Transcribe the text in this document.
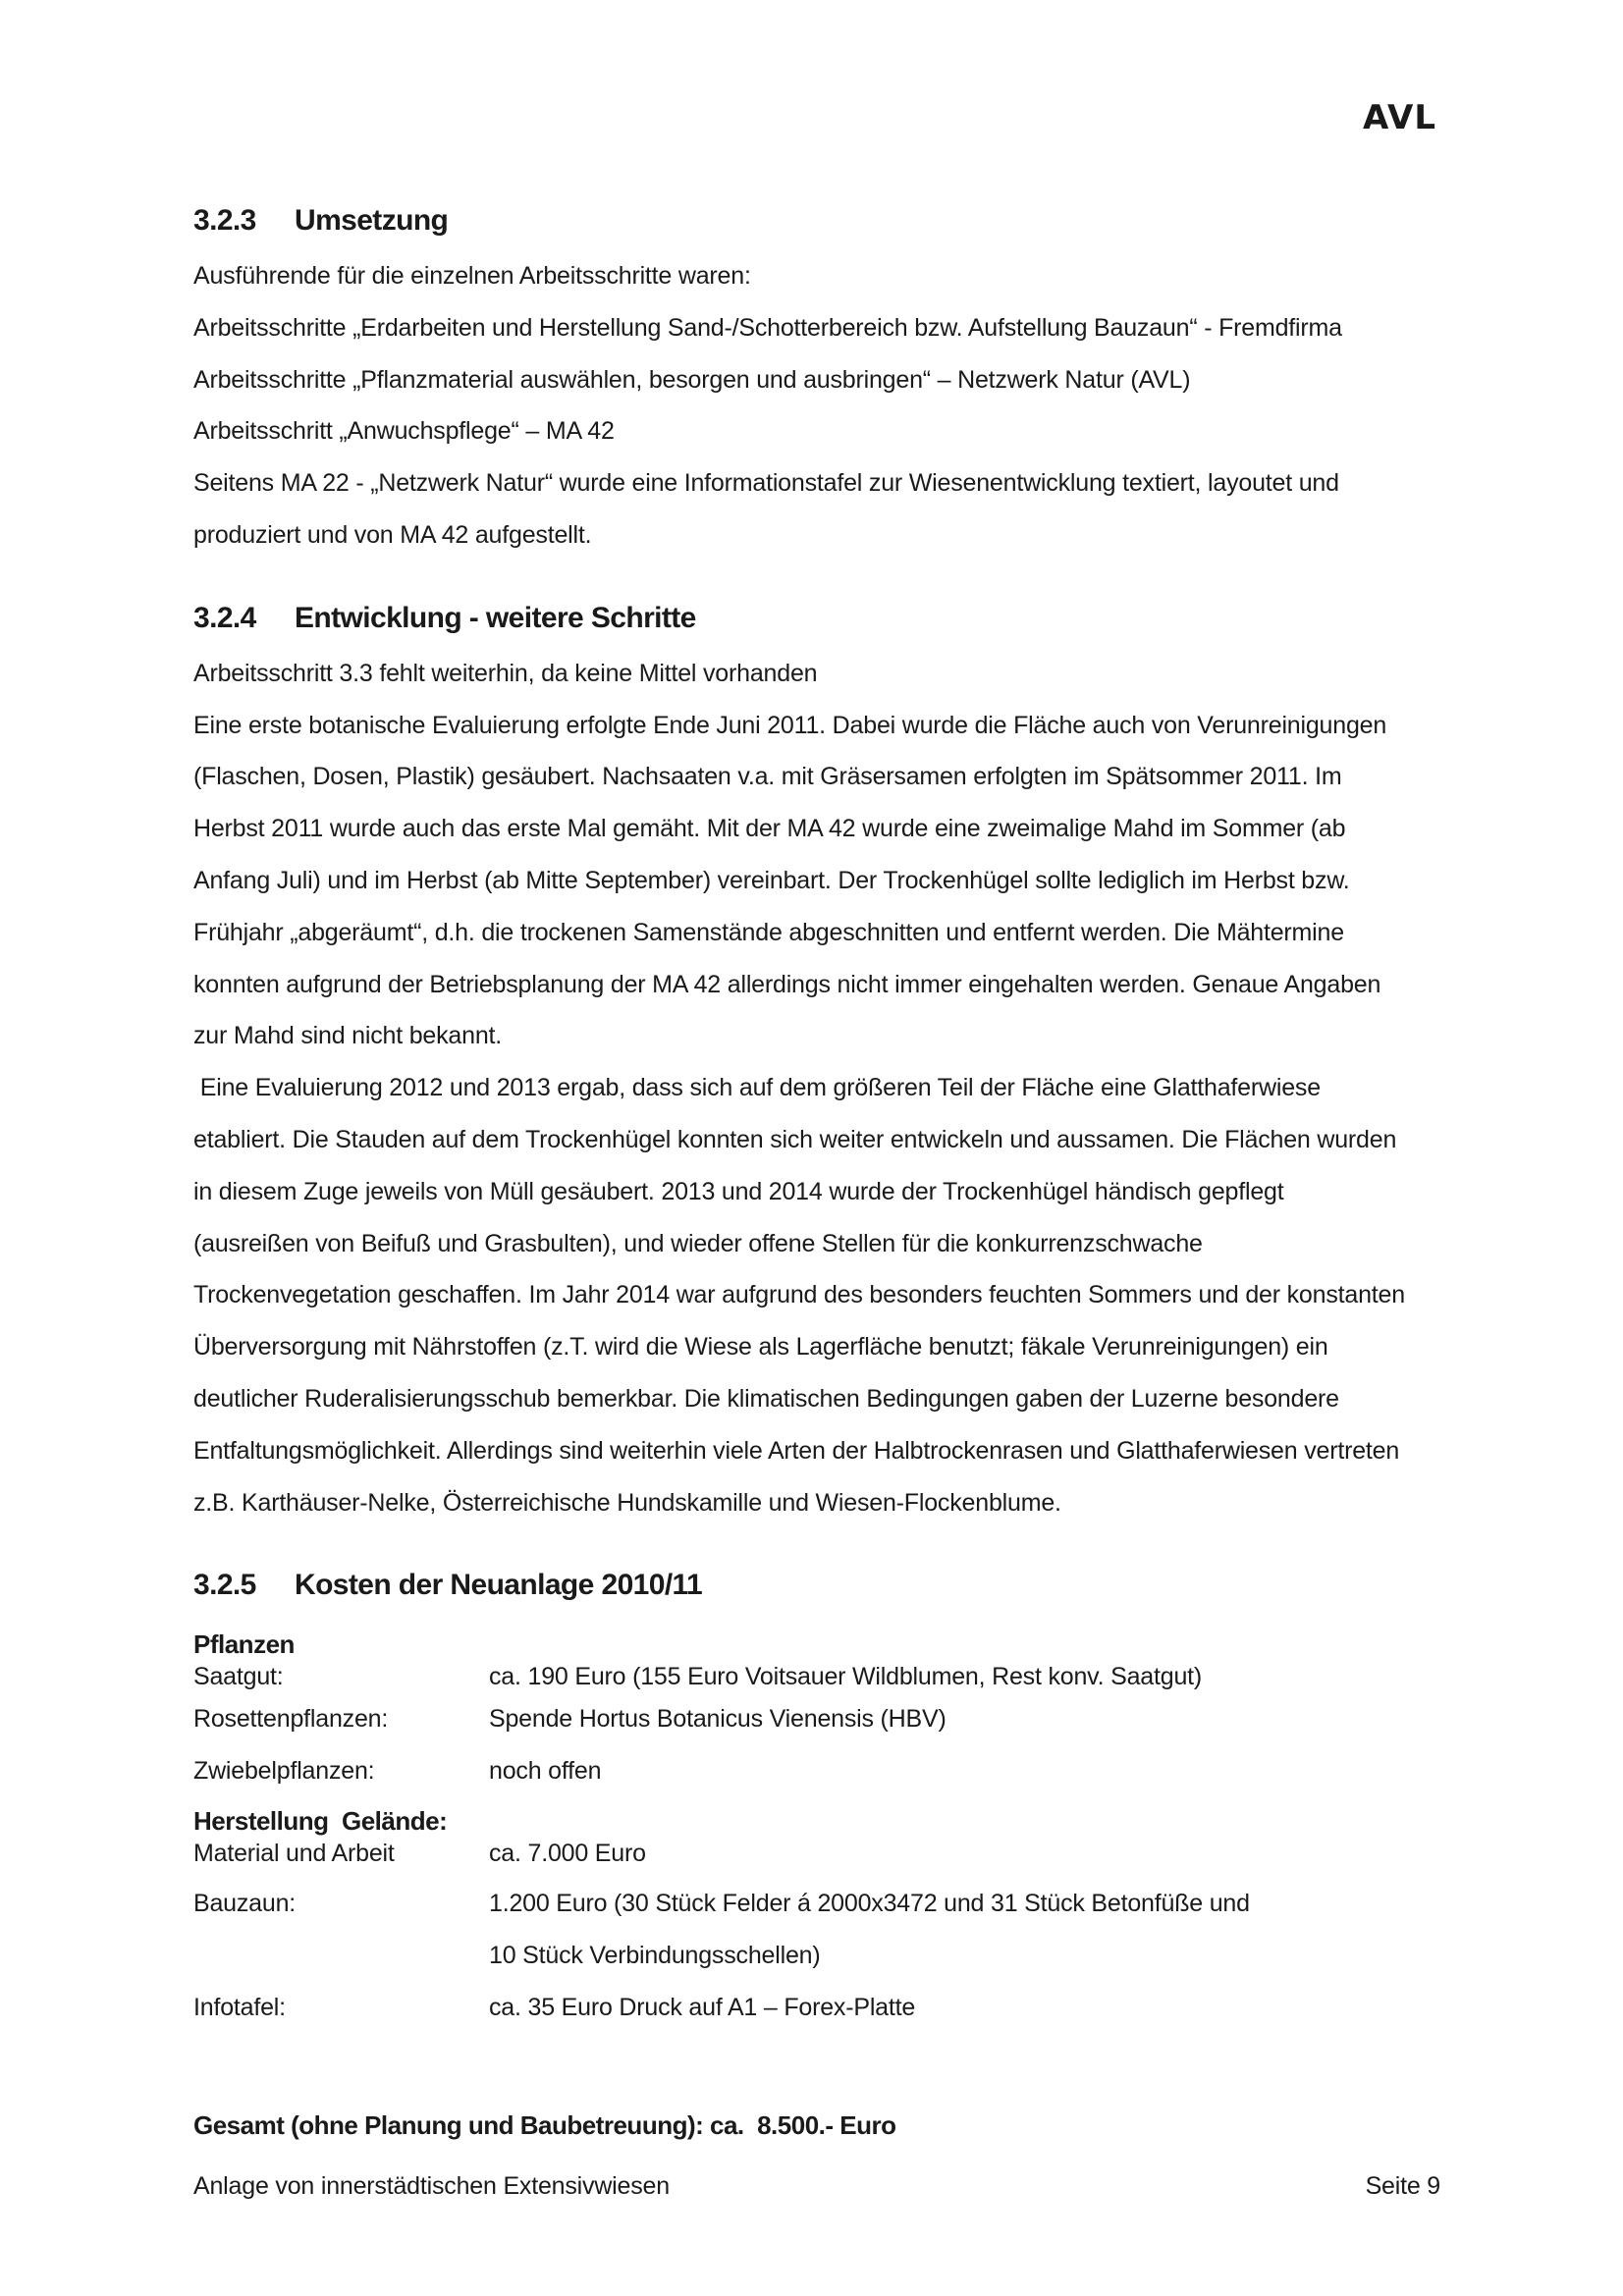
AVL
3.2.3 Umsetzung

Ausführende für die einzelnen Arbeitsschritte waren:

Arbeitsschritte „Erdarbeiten und Herstellung Sand-/Schotterbereich bzw. Aufstellung Bauzaun“ - Fremdfirma

Arbeitsschritte „Pflanzmaterial auswählen, besorgen und ausbringen“ – Netzwerk Natur (AVL)

Arbeitsschritt „Anwuchspflege“ – MA 42

Seitens MA 22 - „Netzwerk Natur“ wurde eine Informationstafel zur Wiesenentwicklung textiert, layoutet und

produziert und von MA 42 aufgestellt.

3.2.4 Entwicklung - weitere Schritte

Arbeitsschritt 3.3 fehlt weiterhin, da keine Mittel vorhanden

Eine erste botanische Evaluierung erfolgte Ende Juni 2011. Dabei wurde die Fläche auch von Verunreinigungen

(Flaschen, Dosen, Plastik) gesäubert. Nachsaaten v.a. mit Gräsersamen erfolgten im Spätsommer 2011. Im

Herbst 2011 wurde auch das erste Mal gemäht. Mit der MA 42 wurde eine zweimalige Mahd im Sommer (ab

Anfang Juli) und im Herbst (ab Mitte September) vereinbart. Der Trockenhügel sollte lediglich im Herbst bzw.

Frühjahr „abgeräumt“, d.h. die trockenen Samenstände abgeschnitten und entfernt werden. Die Mähtermine

konnten aufgrund der Betriebsplanung der MA 42 allerdings nicht immer eingehalten werden. Genaue Angaben

zur Mahd sind nicht bekannt.

Eine Evaluierung 2012 und 2013 ergab, dass sich auf dem größeren Teil der Fläche eine Glatthaferwiese

etabliert. Die Stauden auf dem Trockenhügel konnten sich weiter entwickeln und aussamen. Die Flächen wurden

in diesem Zuge jeweils von Müll gesäubert. 2013 und 2014 wurde der Trockenhügel händisch gepflegt

(ausreißen von Beifuß und Grasbulten), und wieder offene Stellen für die konkurrenzschwache

Trockenvegetation geschaffen. Im Jahr 2014 war aufgrund des besonders feuchten Sommers und der konstanten

Überversorgung mit Nährstoffen (z.T. wird die Wiese als Lagerfläche benutzt; fäkale Verunreinigungen) ein

deutlicher Ruderalisierungsschub bemerkbar. Die klimatischen Bedingungen gaben der Luzerne besondere

Entfaltungsmöglichkeit. Allerdings sind weiterhin viele Arten der Halbtrockenrasen und Glatthaferwiesen vertreten

z.B. Karthäuser-Nelke, Österreichische Hundskamille und Wiesen-Flockenblume.

3.2.5 Kosten der Neuanlage 2010/11

Pflanzen

Saatgut:	ca. 190 Euro (155 Euro Voitsauer Wildblumen, Rest konv. Saatgut)
Rosettenpflanzen:	Spende Hortus Botanicus Vienensis (HBV)
Zwiebelpflanzen:	noch offen

Herstellung  Gelände:

Material und Arbeit	ca. 7.000 Euro
Bauzaun:	1.200 Euro (30 Stück Felder á 2000x3472 und 31 Stück Betonfüße und
10 Stück Verbindungsschellen)
Infotafel:	ca. 35 Euro Druck auf A1 – Forex-Platte

Gesamt (ohne Planung und Baubetreuung): ca.  8.500.- Euro

Anlage von innerstädtischen Extensivwiesen	Seite 9
